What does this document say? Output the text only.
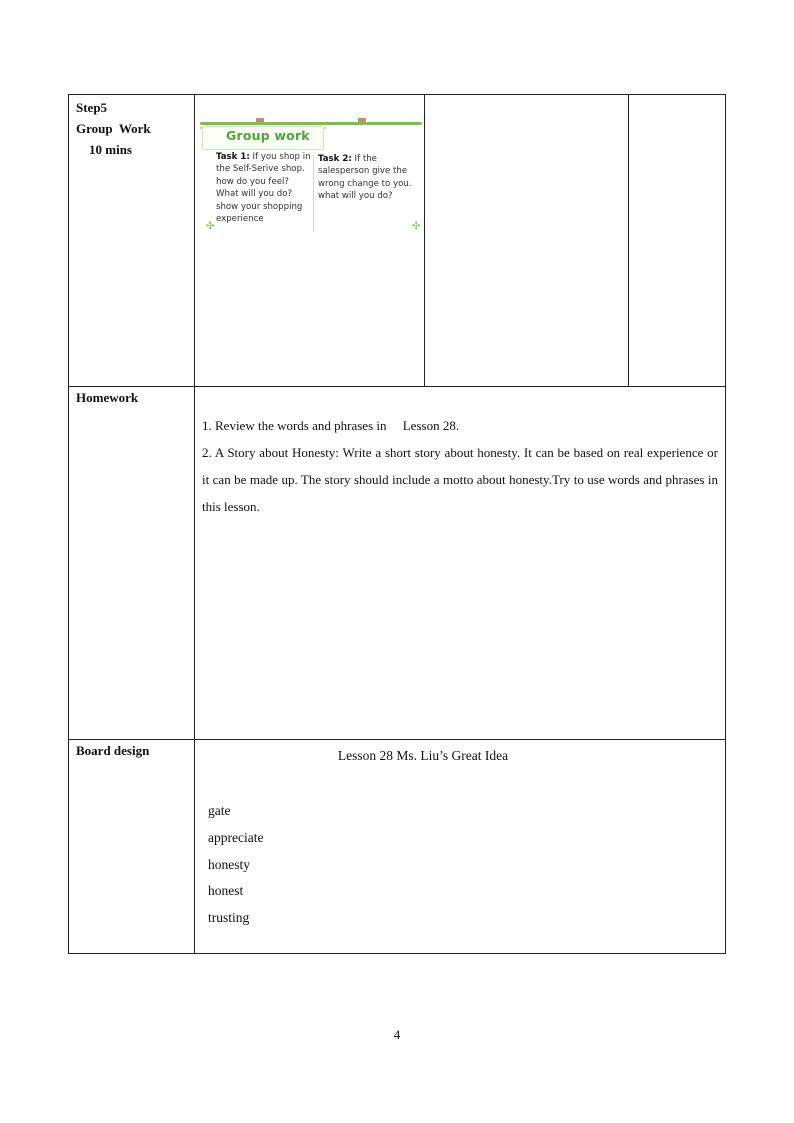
Step5
Group  Work
10 mins
Group work
Task 1: If you shop in the Self-Serive shop. how do you feel? What will you do? show your shopping experience
Task 2: If the salesperson give the wrong change to you. what will you do?
✣	✣
Homework

1. Review the words and phrases in     Lesson 28.

2. A Story about Honesty: Write a short story about honesty. It can be based on real experience or it can be made up. The story should include a motto about honesty.Try to use words and phrases in this lesson.

Board design	Lesson 28 Ms. Liu’s Great Idea
gate
appreciate
honesty
honest
trusting
4
